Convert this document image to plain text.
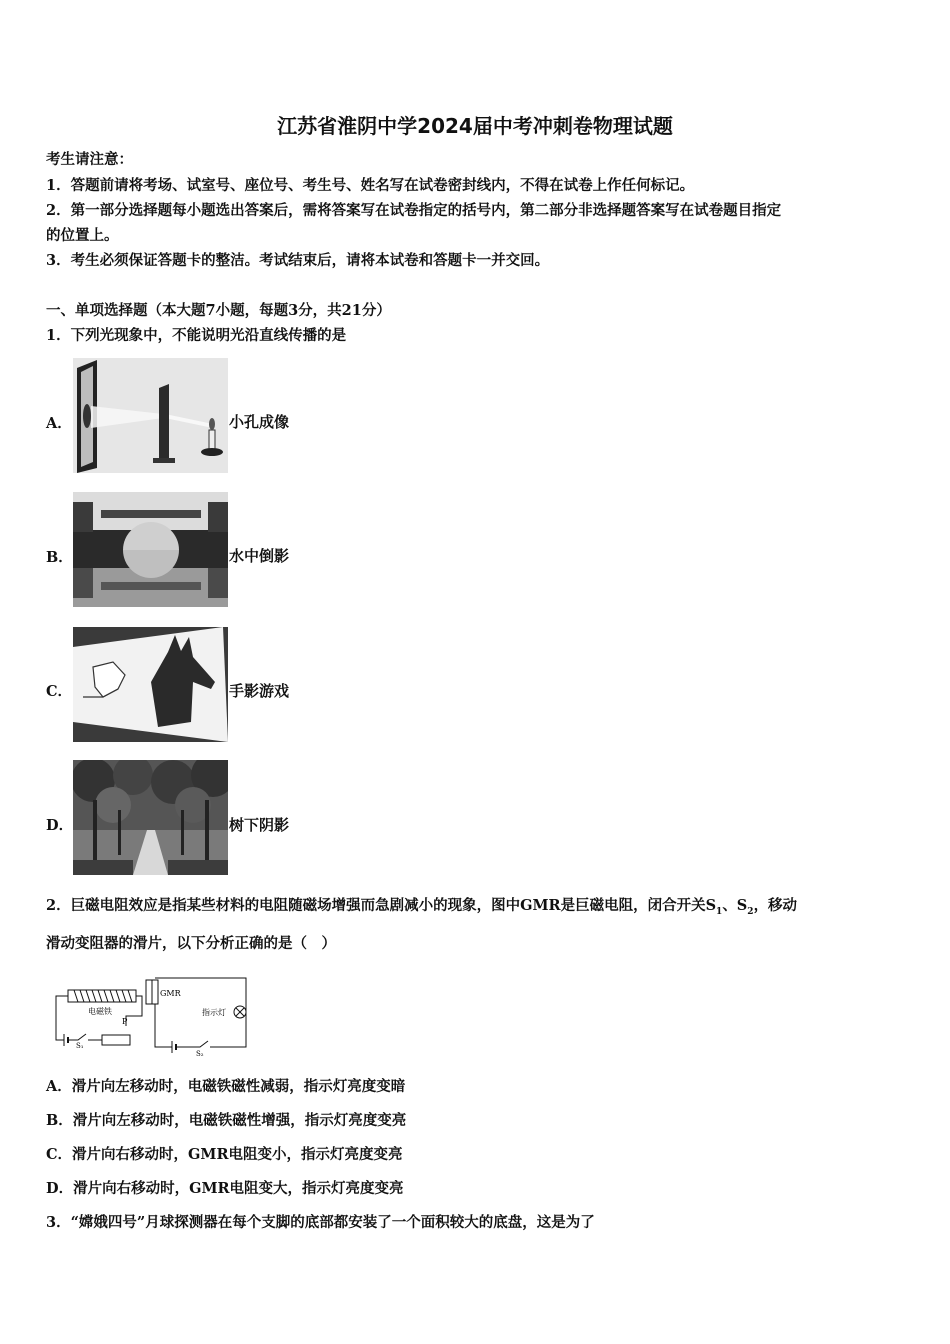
江苏省淮阴中学2024届中考冲刺卷物理试题
考生请注意：
1．答题前请将考场、试室号、座位号、考生号、姓名写在试卷密封线内，不得在试卷上作任何标记。
2．第一部分选择题每小题选出答案后，需将答案写在试卷指定的括号内，第二部分非选择题答案写在试卷题目指定
的位置上。
3．考生必须保证答题卡的整洁。考试结束后，请将本试卷和答题卡一并交回。
一、单项选择题（本大题7小题，每题3分，共21分）
1．下列光现象中，不能说明光沿直线传播的是
A．	小孔成像
B．	水中倒影
C．	手影游戏
D．	树下阴影
2．巨磁电阻效应是指某些材料的电阻随磁场增强而急剧减小的现象，图中GMR是巨磁电阻，闭合开关$S_1$、$S_2$，移动
滑动变阻器的滑片，以下分析正确的是（　）
S₁
P
电磁铁
GMR
指示灯
S₂
A．滑片向左移动时，电磁铁磁性减弱，指示灯亮度变暗
B．滑片向左移动时，电磁铁磁性增强，指示灯亮度变亮
C．滑片向右移动时，GMR电阻变小，指示灯亮度变亮
D．滑片向右移动时，GMR电阻变大，指示灯亮度变亮
3．“嫦娥四号”月球探测器在每个支脚的底部都安装了一个面积较大的底盘，这是为了
